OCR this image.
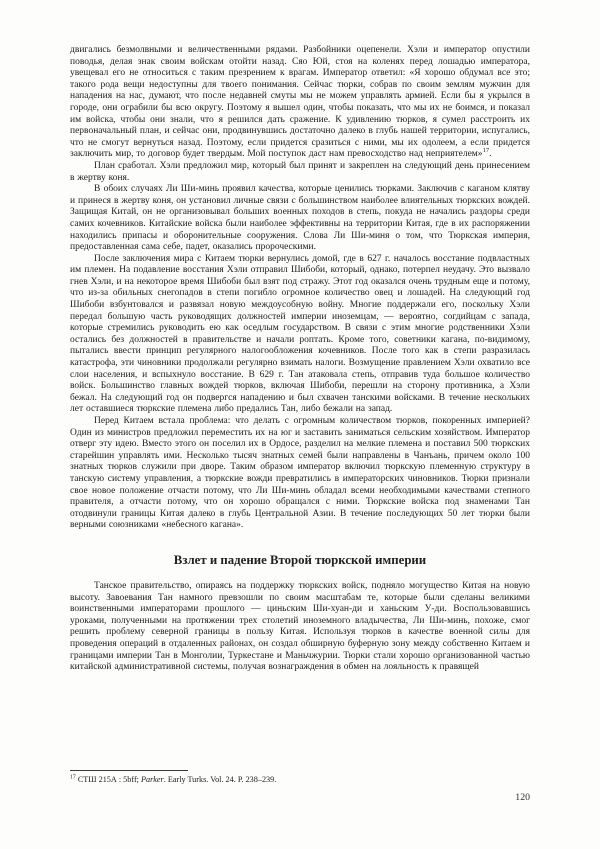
двигались безмолвными и величественными рядами. Разбойники оцепенели. Хэли и император опустили поводья, делая знак своим войскам отойти назад. Сяо Юй, стоя на коленях перед лошадью императора, увещевал его не относиться с таким презрением к врагам. Император ответил: «Я хорошо обдумал все это; такого рода вещи недоступны для твоего понимания. Сейчас тюрки, собрав по своим землям мужчин для нападения на нас, думают, что после недавней смуты мы не можем управлять армией. Если бы я укрылся в городе, они ограбили бы всю округу. Поэтому я вышел один, чтобы показать, что мы их не боимся, и показал им войска, чтобы они знали, что я решился дать сражение. К удивлению тюрков, я сумел расстроить их первоначальный план, и сейчас они, продвинувшись достаточно далеко в глубь нашей территории, испугались, что не смогут вернуться назад. Поэтому, если придется сразиться с ними, мы их одолеем, а если придется заключить мир, то договор будет твердым. Мой поступок даст нам превосходство над неприятелем»$^{17}$.

План сработал. Хэли предложил мир, который был принят и закреплен на следующий день принесением в жертву коня.

В обоих случаях Ли Ши-минь проявил качества, которые ценились тюрками. Заключив с каганом клятву и принеся в жертву коня, он установил личные связи с большинством наиболее влиятельных тюркских вождей. Защищая Китай, он не организовывал больших военных походов в степь, покуда не начались раздоры среди самих кочевников. Китайские войска были наиболее эффективны на территории Китая, где в их распоряжении находились припасы и оборонительные сооружения. Слова Ли Ши-миня о том, что Тюркская империя, предоставленная сама себе, падет, оказались пророческими.

После заключения мира с Китаем тюрки вернулись домой, где в 627 г. началось восстание подвластных им племен. На подавление восстания Хэли отправил Шибоби, который, однако, потерпел неудачу. Это вызвало гнев Хэли, и на некоторое время Шибоби был взят под стражу. Этот год оказался очень трудным еще и потому, что из-за обильных снегопадов в степи погибло огромное количество овец и лошадей. На следующий год Шибоби взбунтовался и развязал новую междоусобную войну. Многие поддержали его, поскольку Хэли передал большую часть руководящих должностей империи иноземцам, — вероятно, согдийцам с запада, которые стремились руководить ею как оседлым государством. В связи с этим многие родственники Хэли остались без должностей в правительстве и начали роптать. Кроме того, советники кагана, по-видимому, пытались ввести принцип регулярного налогообложения кочевников. После того как в степи разразилась катастрофа, эти чиновники продолжали регулярно взимать налоги. Возмущение правлением Хэли охватило все слои населения, и вспыхнуло восстание. В 629 г. Тан атаковала степь, отправив туда большое количество войск. Большинство главных вождей тюрков, включая Шибоби, перешли на сторону противника, а Хэли бежал. На следующий год он подвергся нападению и был схвачен танскими войсками. В течение нескольких лет оставшиеся тюркские племена либо предались Тан, либо бежали на запад.

Перед Китаем встала проблема: что делать с огромным количеством тюрков, покоренных империей? Один из министров предложил переместить их на юг и заставить заниматься сельским хозяйством. Император отверг эту идею. Вместо этого он поселил их в Ордосе, разделил на мелкие племена и поставил 500 тюркских старейшин управлять ими. Несколько тысяч знатных семей были направлены в Чанъань, причем около 100 знатных тюрков служили при дворе. Таким образом император включил тюркскую племенную структуру в танскую систему управления, а тюркские вожди превратились в императорских чиновников. Тюрки признали свое новое положение отчасти потому, что Ли Ши-минь обладал всеми необходимыми качествами степного правителя, а отчасти потому, что он хорошо обращался с ними. Тюркские войска под знаменами Тан отодвинули границы Китая далеко в глубь Центральной Азии. В течение последующих 50 лет тюрки были верными союзниками «небесного кагана».

Взлет и падение Второй тюркской империи

Танское правительство, опираясь на поддержку тюркских войск, подняло могущество Китая на новую высоту. Завоевания Тан намного превзошли по своим масштабам те, которые были сделаны великими воинственными императорами прошлого — циньским Ши-хуан-ди и ханьским У-ди. Воспользовавшись уроками, полученными на протяжении трех столетий иноземного владычества, Ли Ши-минь, похоже, смог решить проблему северной границы в пользу Китая. Используя тюрков в качестве военной силы для проведения операций в отдаленных районах, он создал обширную буферную зону между собственно Китаем и границами империи Тан в Монголии, Туркестане и Маньчжурии. Тюрки стали хорошо организованной частью китайской административной системы, получая вознаграждения в обмен на лояльность к правящей

$^{17}$ СТШ 215А : 5bff; Parker. Early Turks. Vol. 24. P. 238–239.

120
